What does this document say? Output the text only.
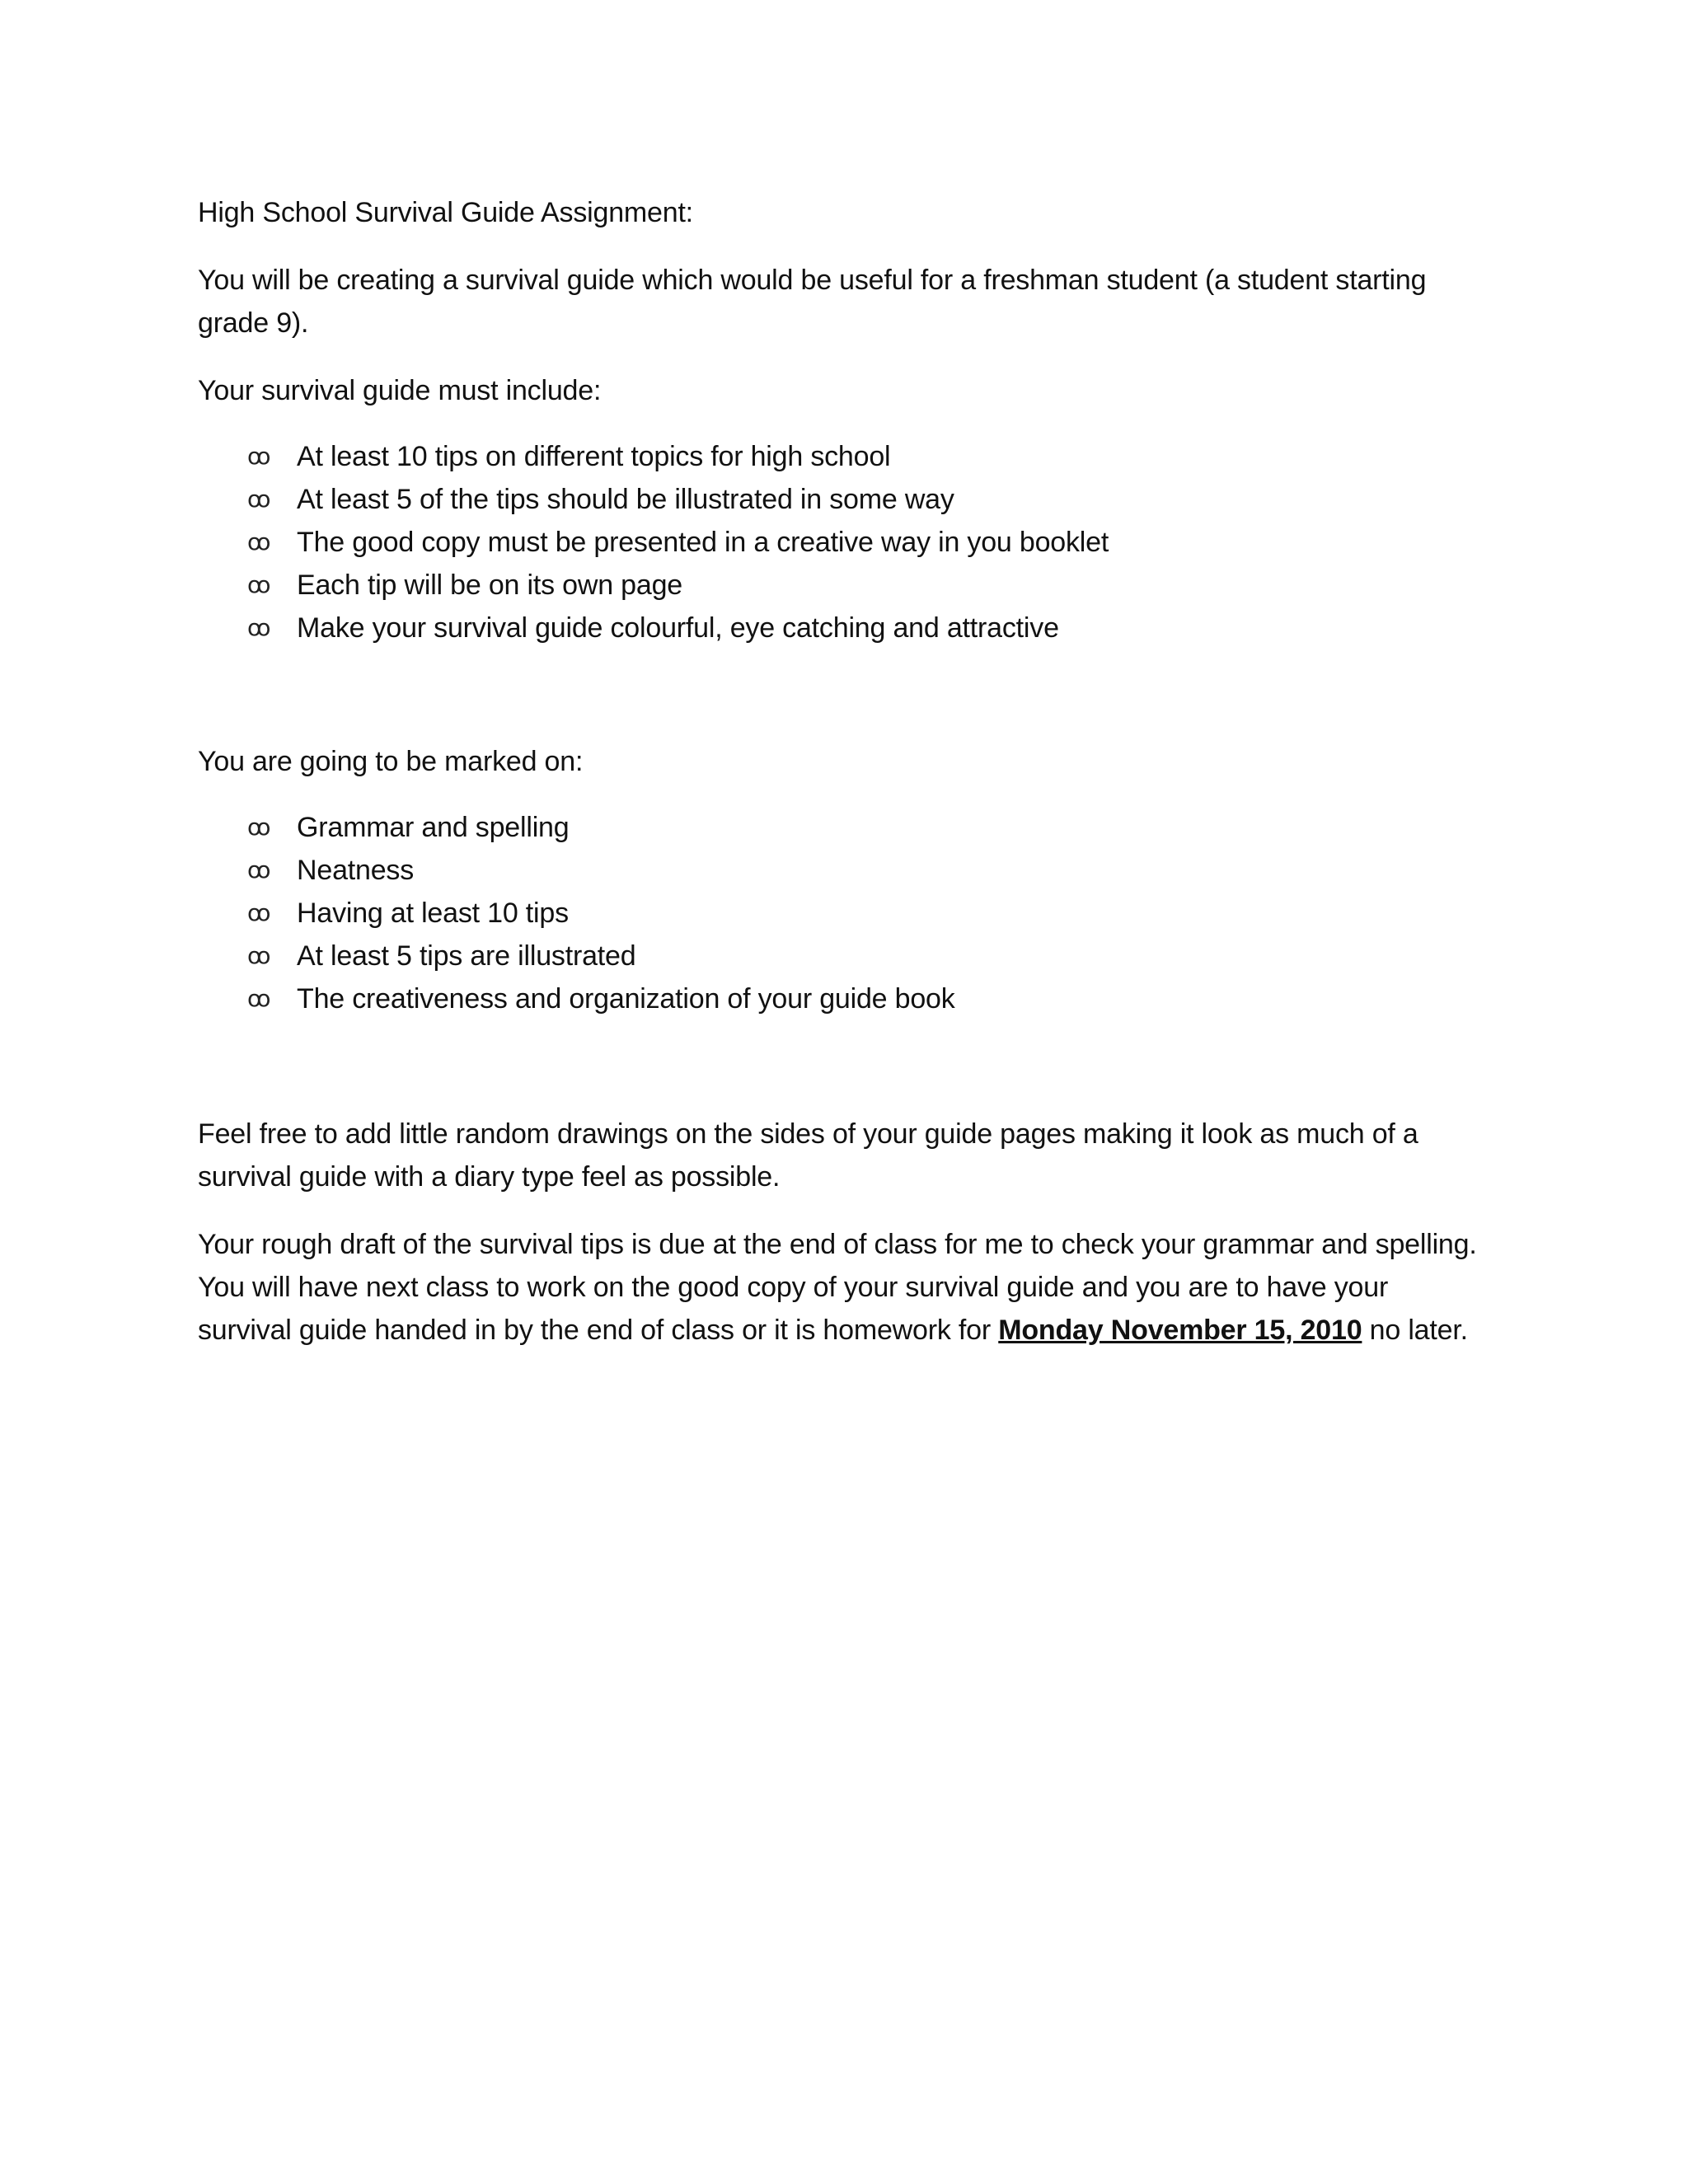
High School Survival Guide Assignment:

You will be creating a survival guide which would be useful for a freshman student (a student starting grade 9).

Your survival guide must include:

ꝏ At least 10 tips on different topics for high school
ꝏ At least 5 of the tips should be illustrated in some way
ꝏ The good copy must be presented in a creative way in you booklet
ꝏ Each tip will be on its own page
ꝏ Make your survival guide colourful, eye catching and attractive

You are going to be marked on:

ꝏ Grammar and spelling
ꝏ Neatness
ꝏ Having at least 10 tips
ꝏ At least 5 tips are illustrated
ꝏ The creativeness and organization of your guide book

Feel free to add little random drawings on the sides of your guide pages making it look as much of a survival guide with a diary type feel as possible.

Your rough draft of the survival tips is due at the end of class for me to check your grammar and spelling. You will have next class to work on the good copy of your survival guide and you are to have your survival guide handed in by the end of class or it is homework for Monday November 15, 2010 no later.
